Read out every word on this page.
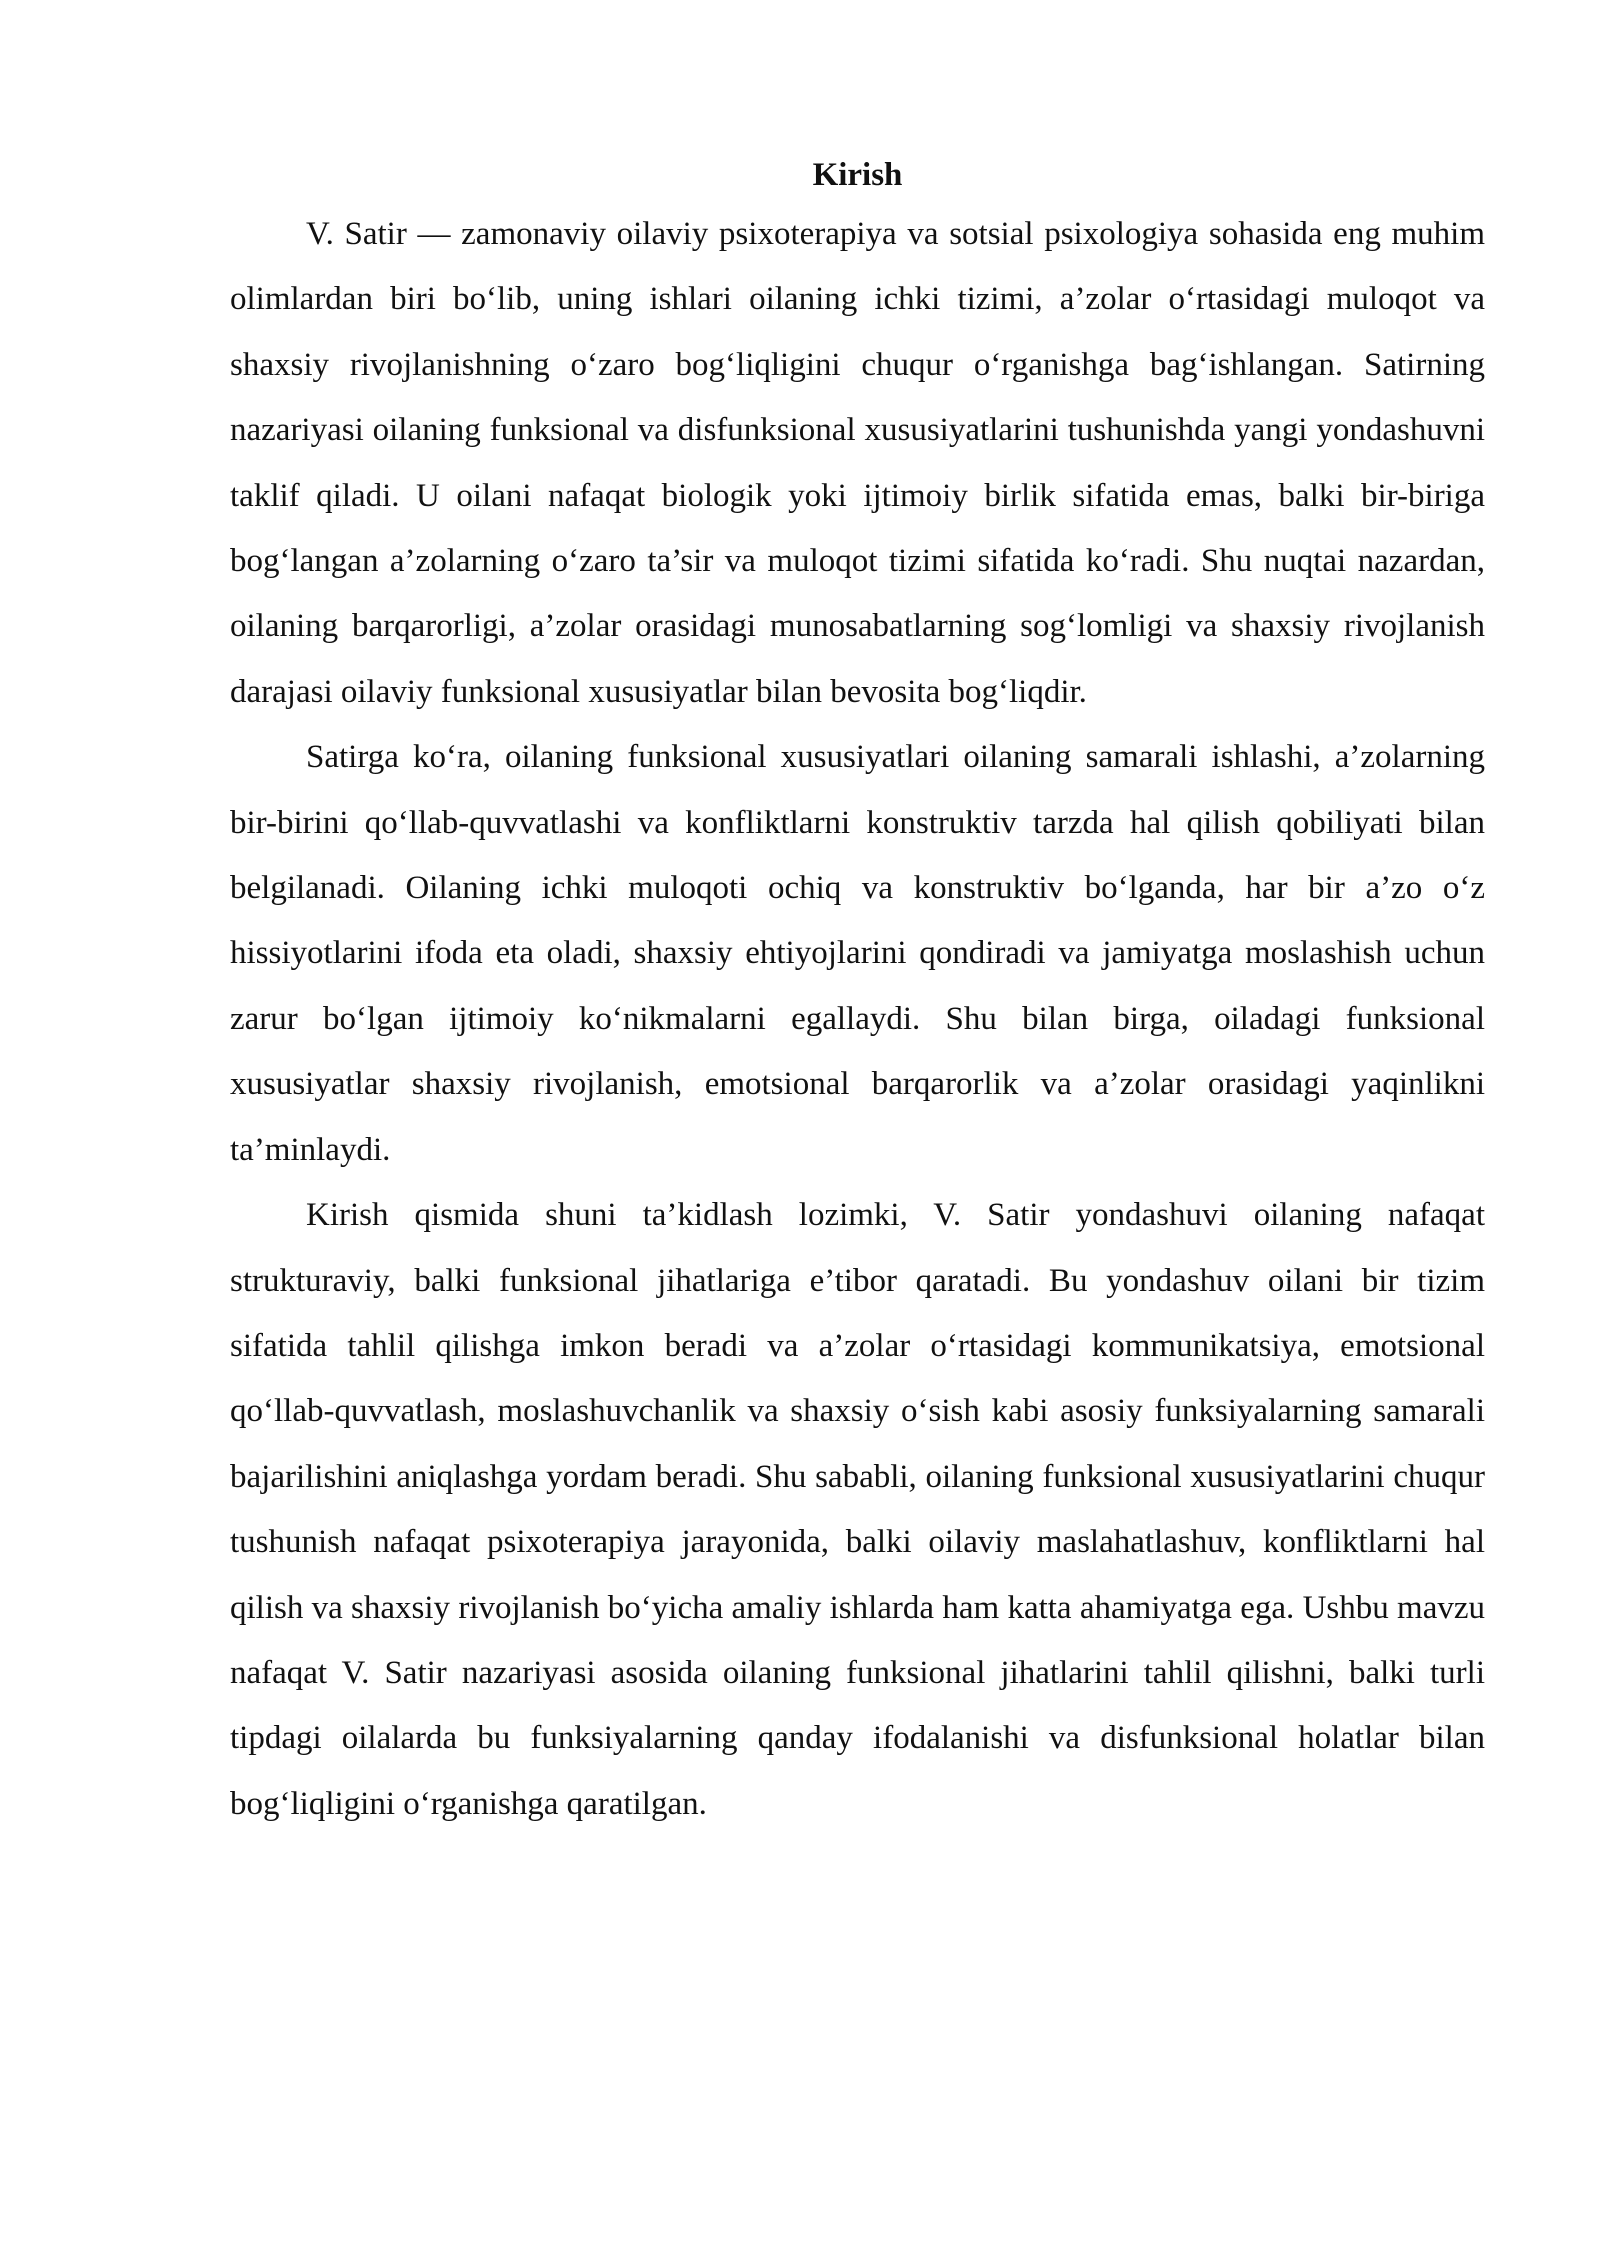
Kirish

V. Satir — zamonaviy oilaviy psixoterapiya va sotsial psixologiya sohasida eng muhim olimlardan biri bo‘lib, uning ishlari oilaning ichki tizimi, a’zolar o‘rtasidagi muloqot va shaxsiy rivojlanishning o‘zaro bog‘liqligini chuqur o‘rganishga bag‘ishlangan. Satirning nazariyasi oilaning funksional va disfunksional xususiyatlarini tushunishda yangi yondashuvni taklif qiladi. U oilani nafaqat biologik yoki ijtimoiy birlik sifatida emas, balki bir-biriga bog‘langan a’zolarning o‘zaro ta’sir va muloqot tizimi sifatida ko‘radi. Shu nuqtai nazardan, oilaning barqarorligi, a’zolar orasidagi munosabatlarning sog‘lomligi va shaxsiy rivojlanish darajasi oilaviy funksional xususiyatlar bilan bevosita bog‘liqdir.

Satirga ko‘ra, oilaning funksional xususiyatlari oilaning samarali ishlashi, a’zolarning bir-birini qo‘llab-quvvatlashi va konfliktlarni konstruktiv tarzda hal qilish qobiliyati bilan belgilanadi. Oilaning ichki muloqoti ochiq va konstruktiv bo‘lganda, har bir a’zo o‘z hissiyotlarini ifoda eta oladi, shaxsiy ehtiyojlarini qondiradi va jamiyatga moslashish uchun zarur bo‘lgan ijtimoiy ko‘nikmalarni egallaydi. Shu bilan birga, oiladagi funksional xususiyatlar shaxsiy rivojlanish, emotsional barqarorlik va a’zolar orasidagi yaqinlikni ta’minlaydi.

Kirish qismida shuni ta’kidlash lozimki, V. Satir yondashuvi oilaning nafaqat strukturaviy, balki funksional jihatlariga e’tibor qaratadi. Bu yondashuv oilani bir tizim sifatida tahlil qilishga imkon beradi va a’zolar o‘rtasidagi kommunikatsiya, emotsional qo‘llab-quvvatlash, moslashuvchanlik va shaxsiy o‘sish kabi asosiy funksiyalarning samarali bajarilishini aniqlashga yordam beradi. Shu sababli, oilaning funksional xususiyatlarini chuqur tushunish nafaqat psixoterapiya jarayonida, balki oilaviy maslahatlashuv, konfliktlarni hal qilish va shaxsiy rivojlanish bo‘yicha amaliy ishlarda ham katta ahamiyatga ega. Ushbu mavzu nafaqat V. Satir nazariyasi asosida oilaning funksional jihatlarini tahlil qilishni, balki turli tipdagi oilalarda bu funksiyalarning qanday ifodalanishi va disfunksional holatlar bilan bog‘liqligini o‘rganishga qaratilgan.
